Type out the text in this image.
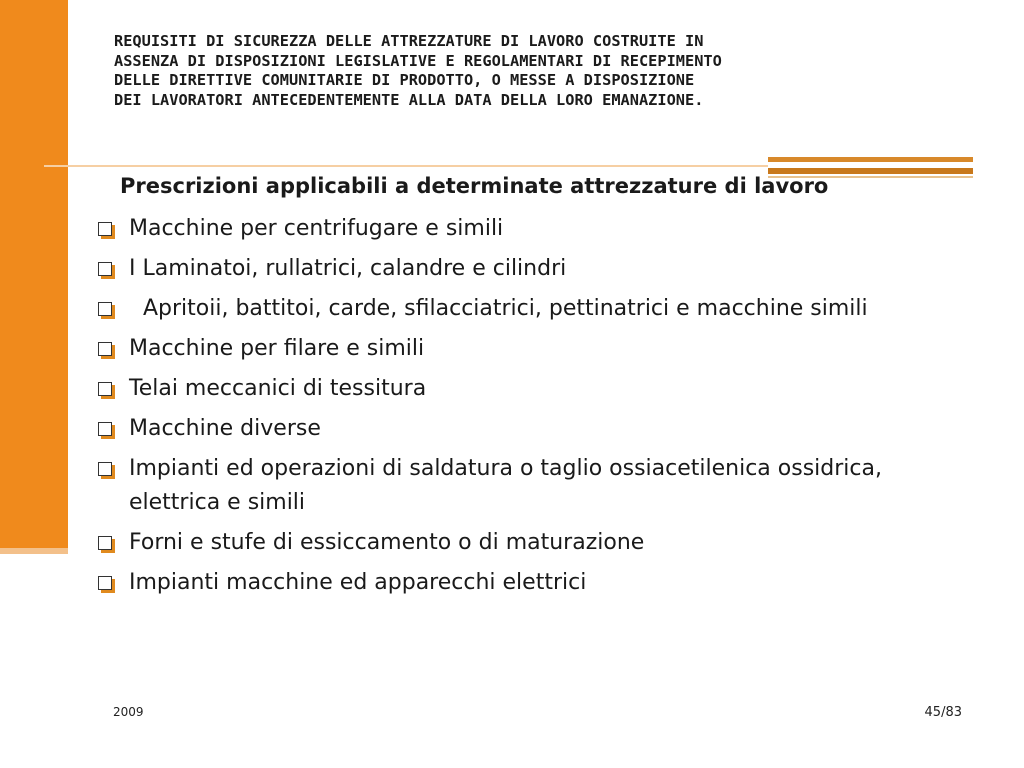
REQUISITI DI SICUREZZA DELLE ATTREZZATURE DI LAVORO COSTRUITE IN
ASSENZA DI DISPOSIZIONI LEGISLATIVE E REGOLAMENTARI DI RECEPIMENTO
DELLE DIRETTIVE COMUNITARIE DI PRODOTTO, O MESSE A DISPOSIZIONE
DEI LAVORATORI ANTECEDENTEMENTE ALLA DATA DELLA LORO EMANAZIONE.
Prescrizioni applicabili a determinate attrezzature di lavoro
Macchine per centrifugare e simili
I Laminatoi, rullatrici, calandre e cilindri
Apritoii, battitoi, carde, sfilacciatrici, pettinatrici e macchine simili
Macchine per filare e simili
Telai meccanici di tessitura
Macchine diverse
Impianti ed operazioni di saldatura o taglio ossiacetilenica ossidrica, elettrica e simili
Forni e stufe di essiccamento o di maturazione
Impianti macchine ed apparecchi elettrici
2009	45/83
